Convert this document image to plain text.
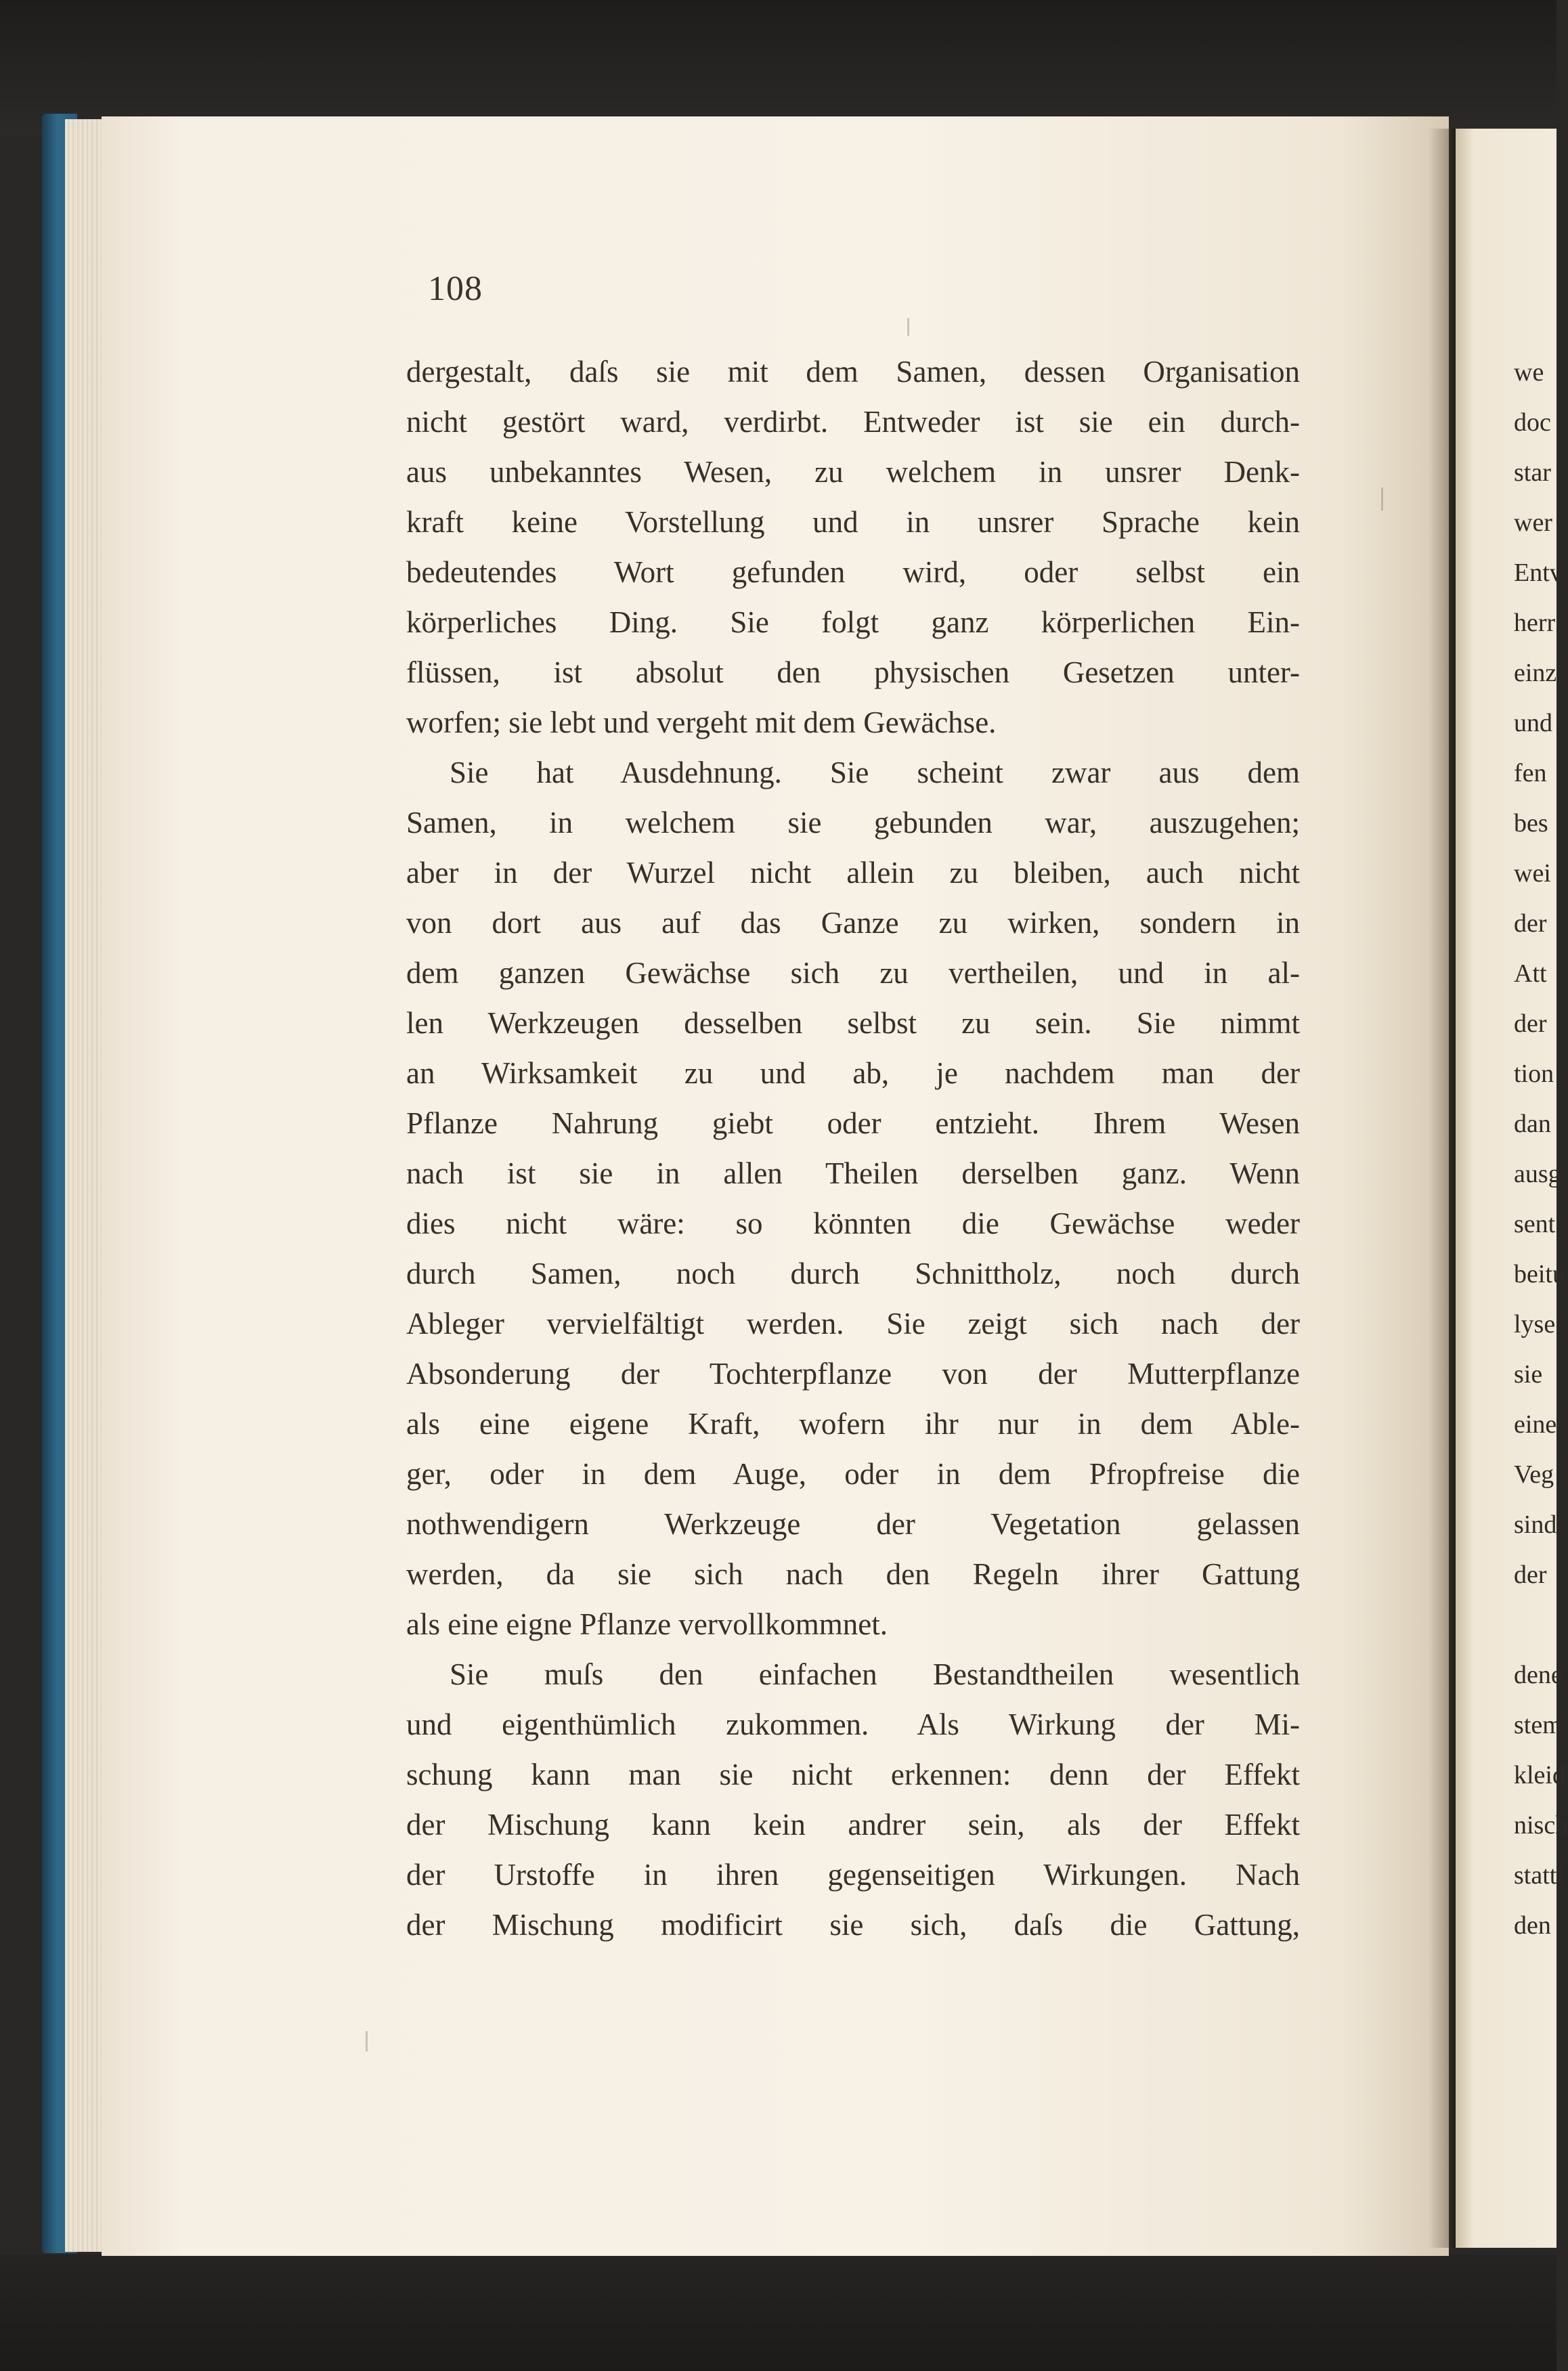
108
dergestalt, daſs sie mit dem Samen, dessen Organisation
nicht gestört ward, verdirbt. Entweder ist sie ein durch-
aus unbekanntes Wesen, zu welchem in unsrer Denk-
kraft keine Vorstellung und in unsrer Sprache kein
bedeutendes Wort gefunden wird, oder selbst ein
körperliches Ding. Sie folgt ganz körperlichen Ein-
flüssen, ist absolut den physischen Gesetzen unter-
worfen; sie lebt und vergeht mit dem Gewächse.
Sie hat Ausdehnung. Sie scheint zwar aus dem
Samen, in welchem sie gebunden war, auszugehen;
aber in der Wurzel nicht allein zu bleiben, auch nicht
von dort aus auf das Ganze zu wirken, sondern in
dem ganzen Gewächse sich zu vertheilen, und in al-
len Werkzeugen desselben selbst zu sein. Sie nimmt
an Wirksamkeit zu und ab, je nachdem man der
Pflanze Nahrung giebt oder entzieht. Ihrem Wesen
nach ist sie in allen Theilen derselben ganz. Wenn
dies nicht wäre: so könnten die Gewächse weder
durch Samen, noch durch Schnittholz, noch durch
Ableger vervielfältigt werden. Sie zeigt sich nach der
Absonderung der Tochterpflanze von der Mutterpflanze
als eine eigene Kraft, wofern ihr nur in dem Able-
ger, oder in dem Auge, oder in dem Pfropfreise die
nothwendigern Werkzeuge der Vegetation gelassen
werden, da sie sich nach den Regeln ihrer Gattung
als eine eigne Pflanze vervollkommnet.
Sie muſs den einfachen Bestandtheilen wesentlich
und eigenthümlich zukommen. Als Wirkung der Mi-
schung kann man sie nicht erkennen: denn der Effekt
der Mischung kann kein andrer sein, als der Effekt
der Urstoffe in ihren gegenseitigen Wirkungen. Nach
der Mischung modificirt sie sich, daſs die Gattung,
we
doc
star
wer
Entv
herr
einz
und
fen
bes
wei
der
Att
der
tion
dan
ausg
sent
beitu
lyse
sie
eine
Veg
sind
der
dene
stem
kleid
nisch
stattl
den
